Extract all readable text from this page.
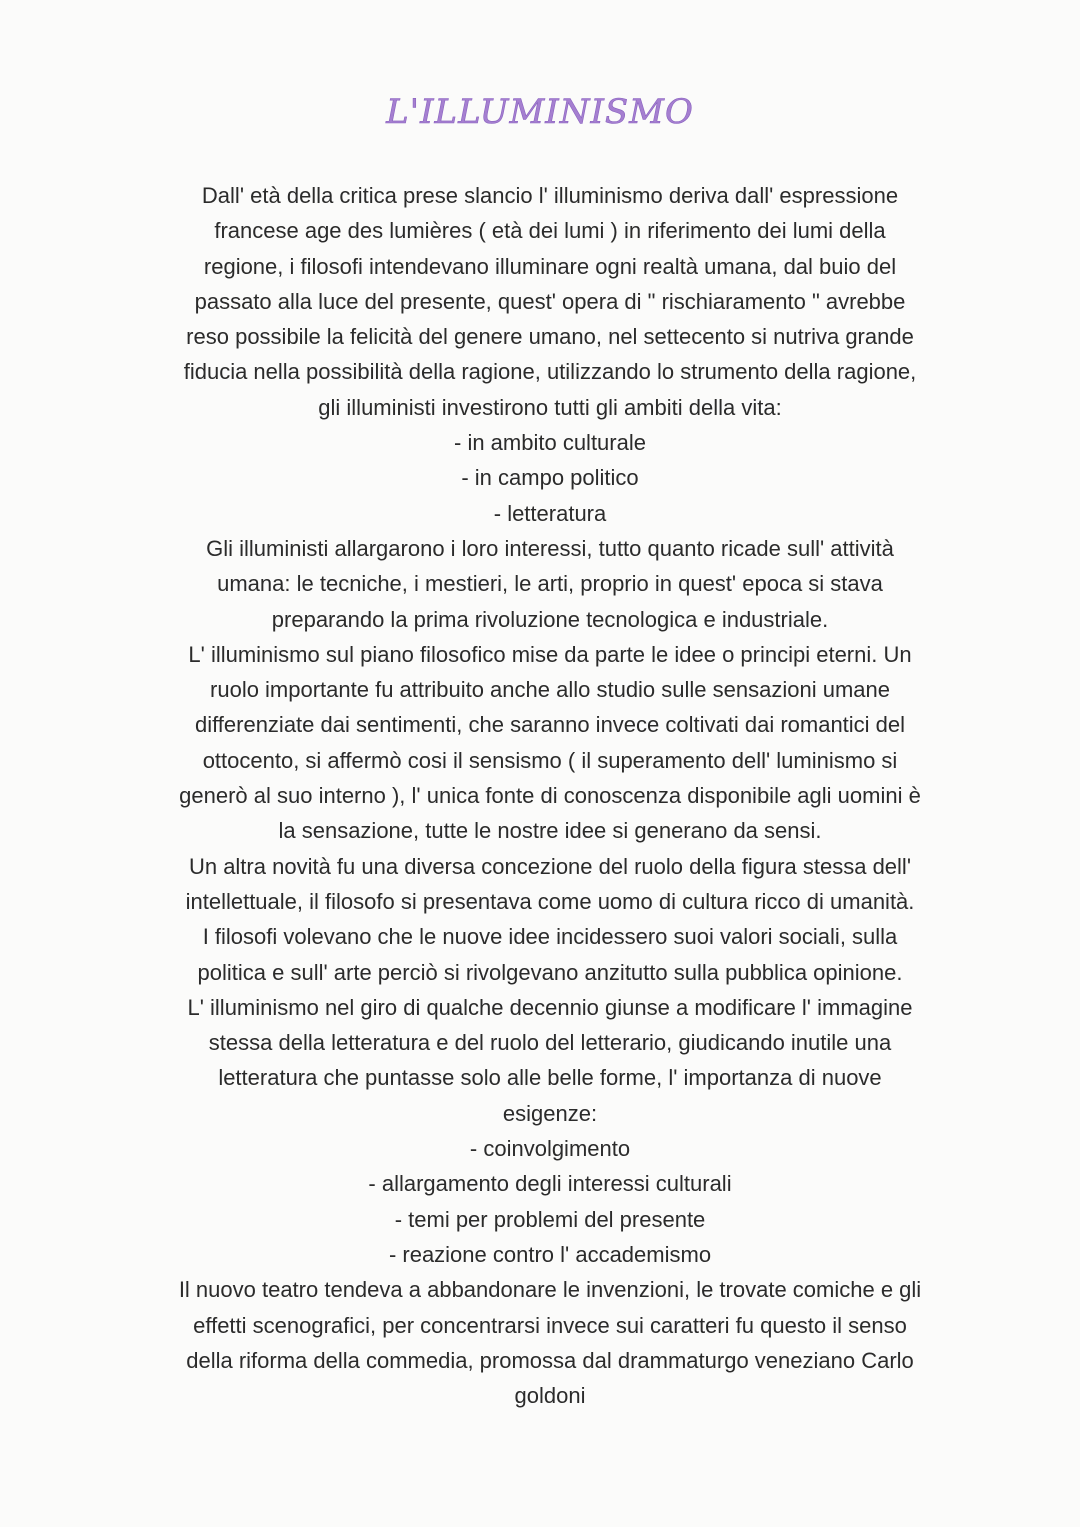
L'ILLUMINISMO
Dall' età della critica prese slancio l' illuminismo deriva dall' espressione
francese age des lumières ( età dei lumi ) in riferimento dei lumi della
regione, i filosofi intendevano illuminare ogni realtà umana, dal buio del
passato alla luce del presente, quest' opera di " rischiaramento " avrebbe
reso possibile la felicità del genere umano, nel settecento si nutriva grande
fiducia nella possibilità della ragione, utilizzando lo strumento della ragione,
gli illuministi investirono tutti gli ambiti della vita:
- in ambito culturale
- in campo politico
- letteratura
Gli illuministi allargarono i loro interessi, tutto quanto ricade sull' attività
umana: le tecniche, i mestieri, le arti, proprio in quest' epoca si stava
preparando la prima rivoluzione tecnologica e industriale.
L' illuminismo sul piano filosofico mise da parte le idee o principi eterni. Un
ruolo importante fu attribuito anche allo studio sulle sensazioni umane
differenziate dai sentimenti, che saranno invece coltivati dai romantici del
ottocento, si affermò cosi il sensismo ( il superamento dell' luminismo si
generò al suo interno ), l' unica fonte di conoscenza disponibile agli uomini è
la sensazione, tutte le nostre idee si generano da sensi.
Un altra novità fu una diversa concezione del ruolo della figura stessa dell'
intellettuale, il filosofo si presentava come uomo di cultura ricco di umanità.
I filosofi volevano che le nuove idee incidessero suoi valori sociali, sulla
politica e sull' arte perciò si rivolgevano anzitutto sulla pubblica opinione.
L' illuminismo nel giro di qualche decennio giunse a modificare l' immagine
stessa della letteratura e del ruolo del letterario, giudicando inutile una
letteratura che puntasse solo alle belle forme, l' importanza di nuove
esigenze:
- coinvolgimento
- allargamento degli interessi culturali
- temi per problemi del presente
- reazione contro l' accademismo
Il nuovo teatro tendeva a abbandonare le invenzioni, le trovate comiche e gli
effetti scenografici, per concentrarsi invece sui caratteri fu questo il senso
della riforma della commedia, promossa dal drammaturgo veneziano Carlo
goldoni
